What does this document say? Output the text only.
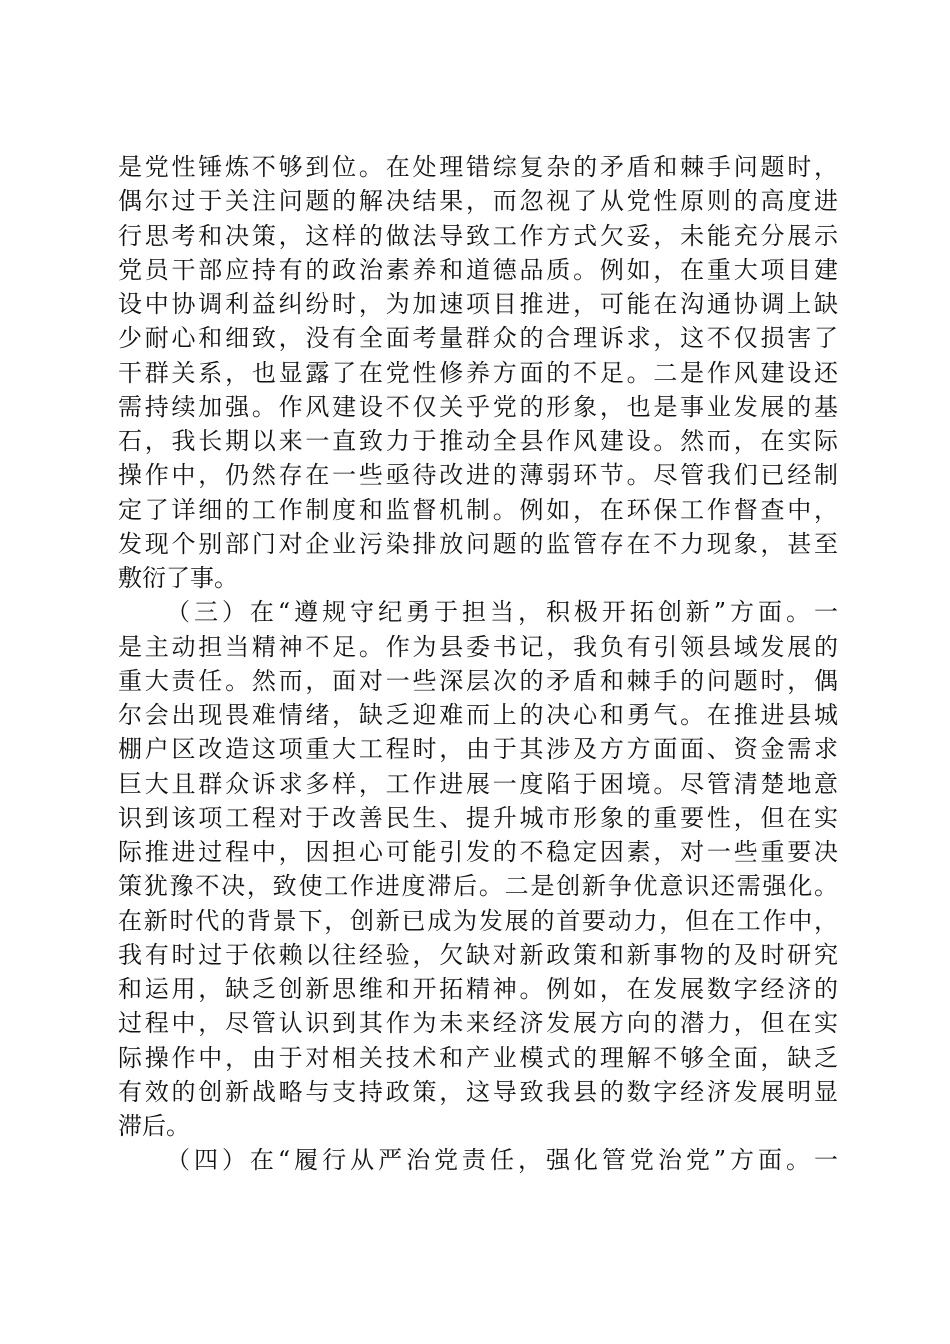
是党性锤炼不够到位。在处理错综复杂的矛盾和棘手问题时，
偶尔过于关注问题的解决结果，而忽视了从党性原则的高度进
行思考和决策，这样的做法导致工作方式欠妥，未能充分展示
党员干部应持有的政治素养和道德品质。例如，在重大项目建
设中协调利益纠纷时，为加速项目推进，可能在沟通协调上缺
少耐心和细致，没有全面考量群众的合理诉求，这不仅损害了
干群关系，也显露了在党性修养方面的不足。二是作风建设还
需持续加强。作风建设不仅关乎党的形象，也是事业发展的基
石，我长期以来一直致力于推动全县作风建设。然而，在实际
操作中，仍然存在一些亟待改进的薄弱环节。尽管我们已经制
定了详细的工作制度和监督机制。例如，在环保工作督查中，
发现个别部门对企业污染排放问题的监管存在不力现象，甚至
敷衍了事。
（三）在“遵规守纪勇于担当，积极开拓创新”方面。一
是主动担当精神不足。作为县委书记，我负有引领县域发展的
重大责任。然而，面对一些深层次的矛盾和棘手的问题时，偶
尔会出现畏难情绪，缺乏迎难而上的决心和勇气。在推进县城
棚户区改造这项重大工程时，由于其涉及方方面面、资金需求
巨大且群众诉求多样，工作进展一度陷于困境。尽管清楚地意
识到该项工程对于改善民生、提升城市形象的重要性，但在实
际推进过程中，因担心可能引发的不稳定因素，对一些重要决
策犹豫不决，致使工作进度滞后。二是创新争优意识还需强化。
在新时代的背景下，创新已成为发展的首要动力，但在工作中，
我有时过于依赖以往经验，欠缺对新政策和新事物的及时研究
和运用，缺乏创新思维和开拓精神。例如，在发展数字经济的
过程中，尽管认识到其作为未来经济发展方向的潜力，但在实
际操作中，由于对相关技术和产业模式的理解不够全面，缺乏
有效的创新战略与支持政策，这导致我县的数字经济发展明显
滞后。
（四）在“履行从严治党责任，强化管党治党”方面。一
